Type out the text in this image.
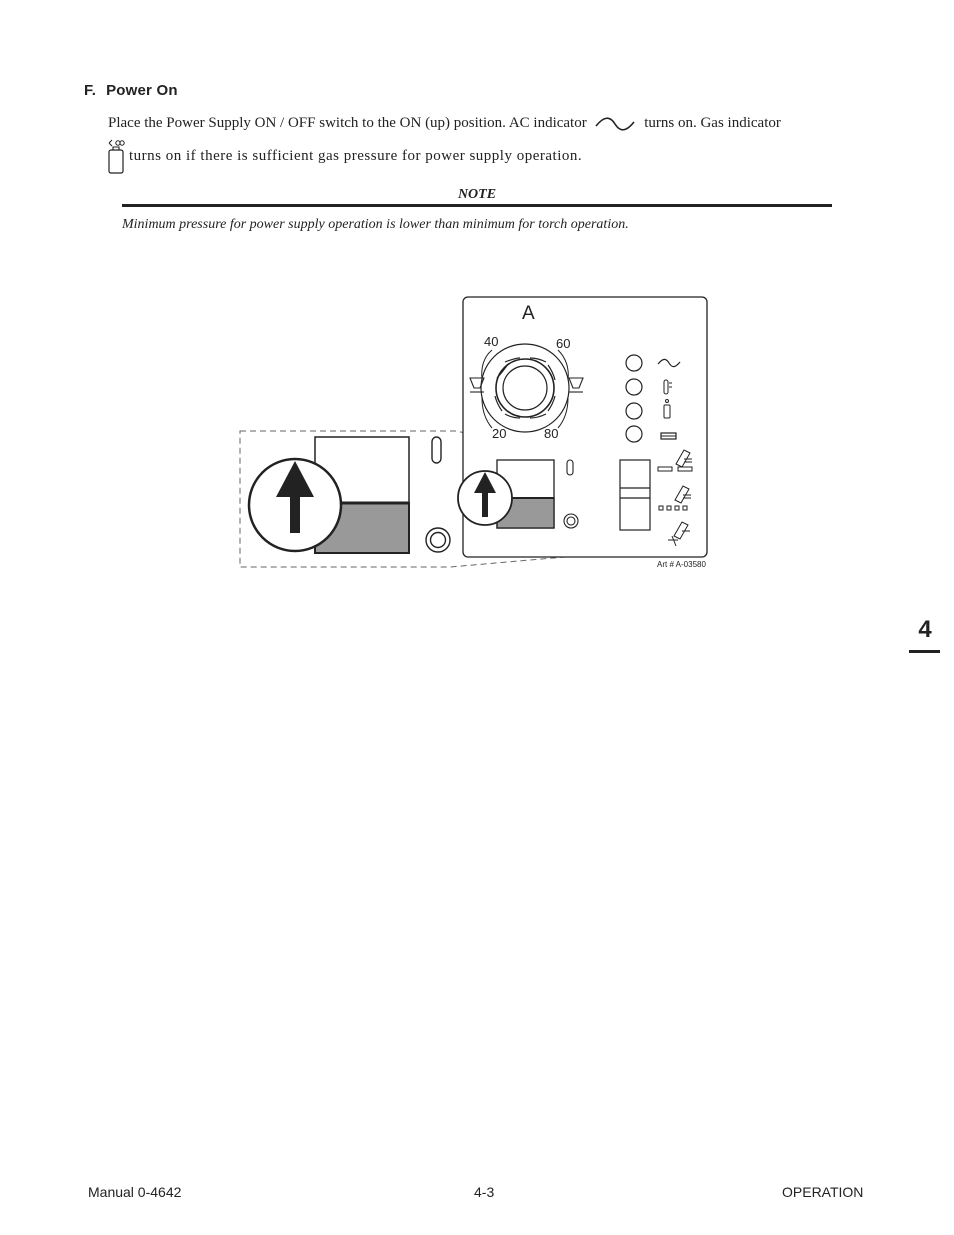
F. Power On
Place the Power Supply ON / OFF switch to the ON (up) position. AC indicator	turns on. Gas indicator
turns on if there is sufficient gas pressure for power supply operation.
NOTE
Minimum pressure for power supply operation is lower than minimum for torch operation.
A
40	60
20	80
Art # A-03580
4
Manual 0-4642	4-3	OPERATION
